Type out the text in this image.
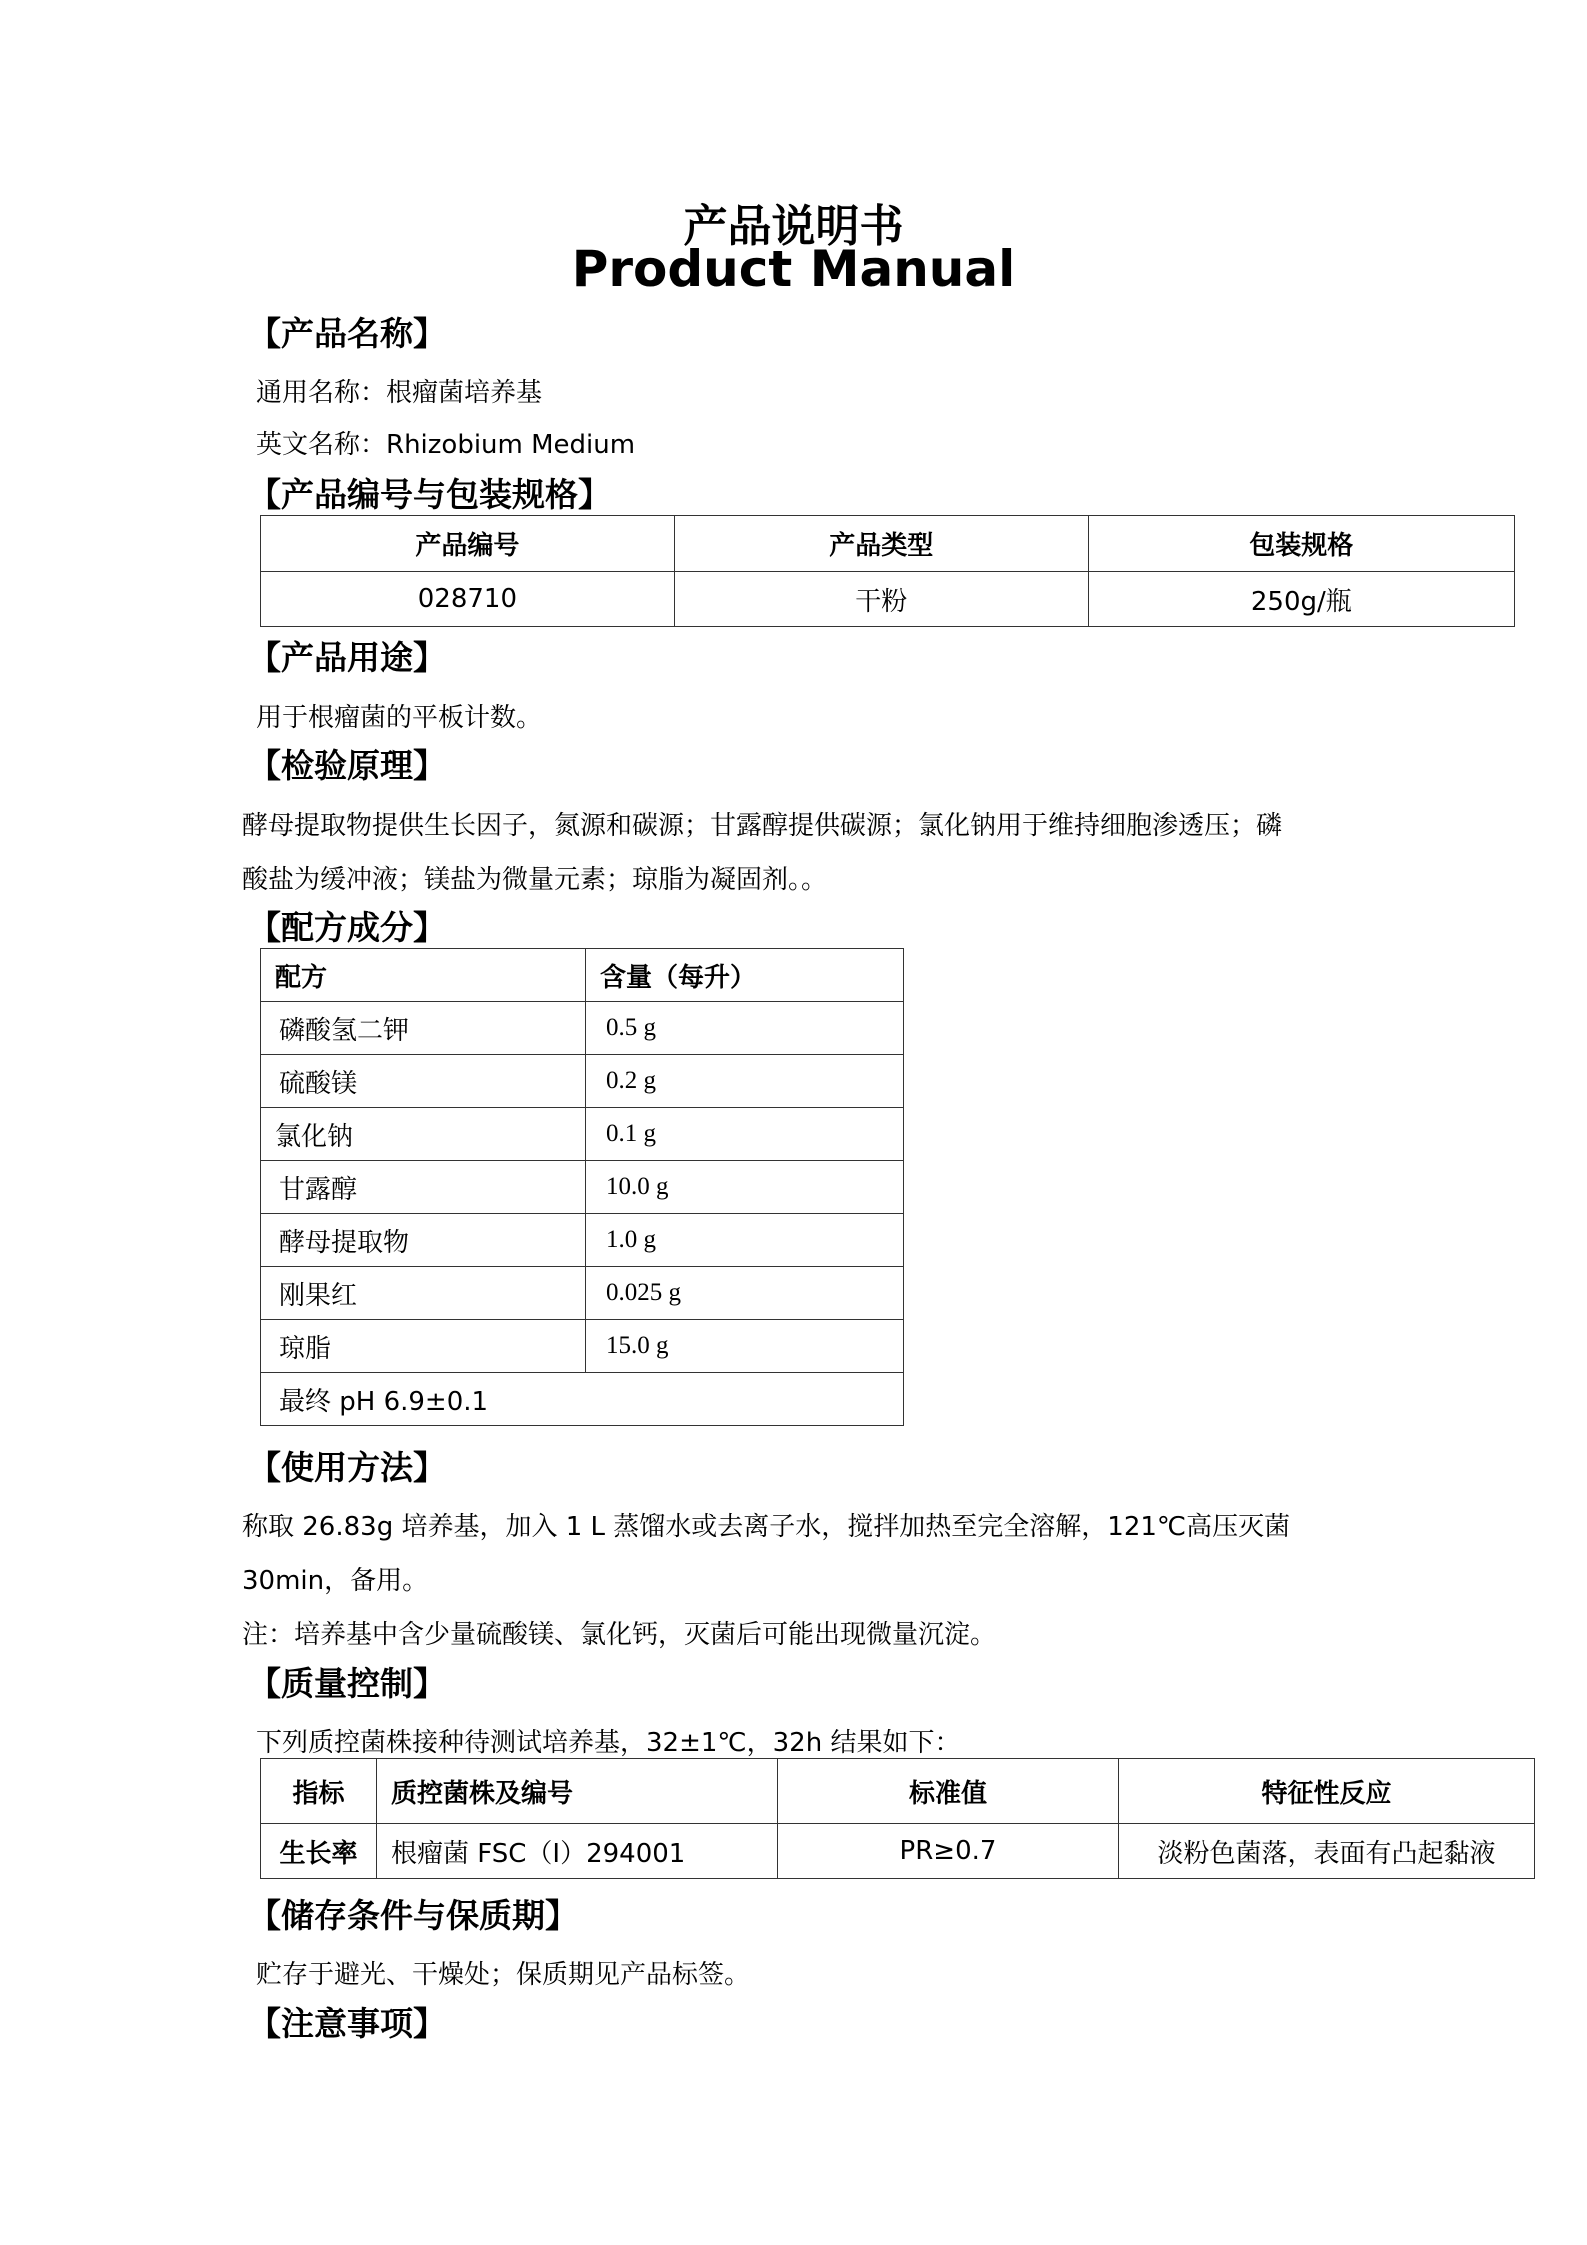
产品说明书
Product Manual
【产品名称】
通用名称：根瘤菌培养基
英文名称：Rhizobium Medium
【产品编号与包装规格】
产品编号	产品类型	包装规格
028710	干粉	250g/瓶
【产品用途】
用于根瘤菌的平板计数。
【检验原理】
酵母提取物提供生长因子，氮源和碳源；甘露醇提供碳源；氯化钠用于维持细胞渗透压；磷
酸盐为缓冲液；镁盐为微量元素；琼脂为凝固剂。。
【配方成分】
配方	含量（每升）
磷酸氢二钾	0.5 g
硫酸镁	0.2 g
氯化钠	0.1 g
甘露醇	10.0 g
酵母提取物	1.0 g
刚果红	0.025 g
琼脂	15.0 g
最终 pH 6.9±0.1	
【使用方法】
称取 26.83g 培养基，加入 1 L 蒸馏水或去离子水，搅拌加热至完全溶解，121℃高压灭菌
30min，备用。
注：培养基中含少量硫酸镁、氯化钙，灭菌后可能出现微量沉淀。
【质量控制】
下列质控菌株接种待测试培养基，32±1℃，32h 结果如下：
指标	质控菌株及编号	标准值	特征性反应
生长率	根瘤菌 FSC（I）294001	PR≥0.7	淡粉色菌落，表面有凸起黏液
【储存条件与保质期】
贮存于避光、干燥处；保质期见产品标签。
【注意事项】
